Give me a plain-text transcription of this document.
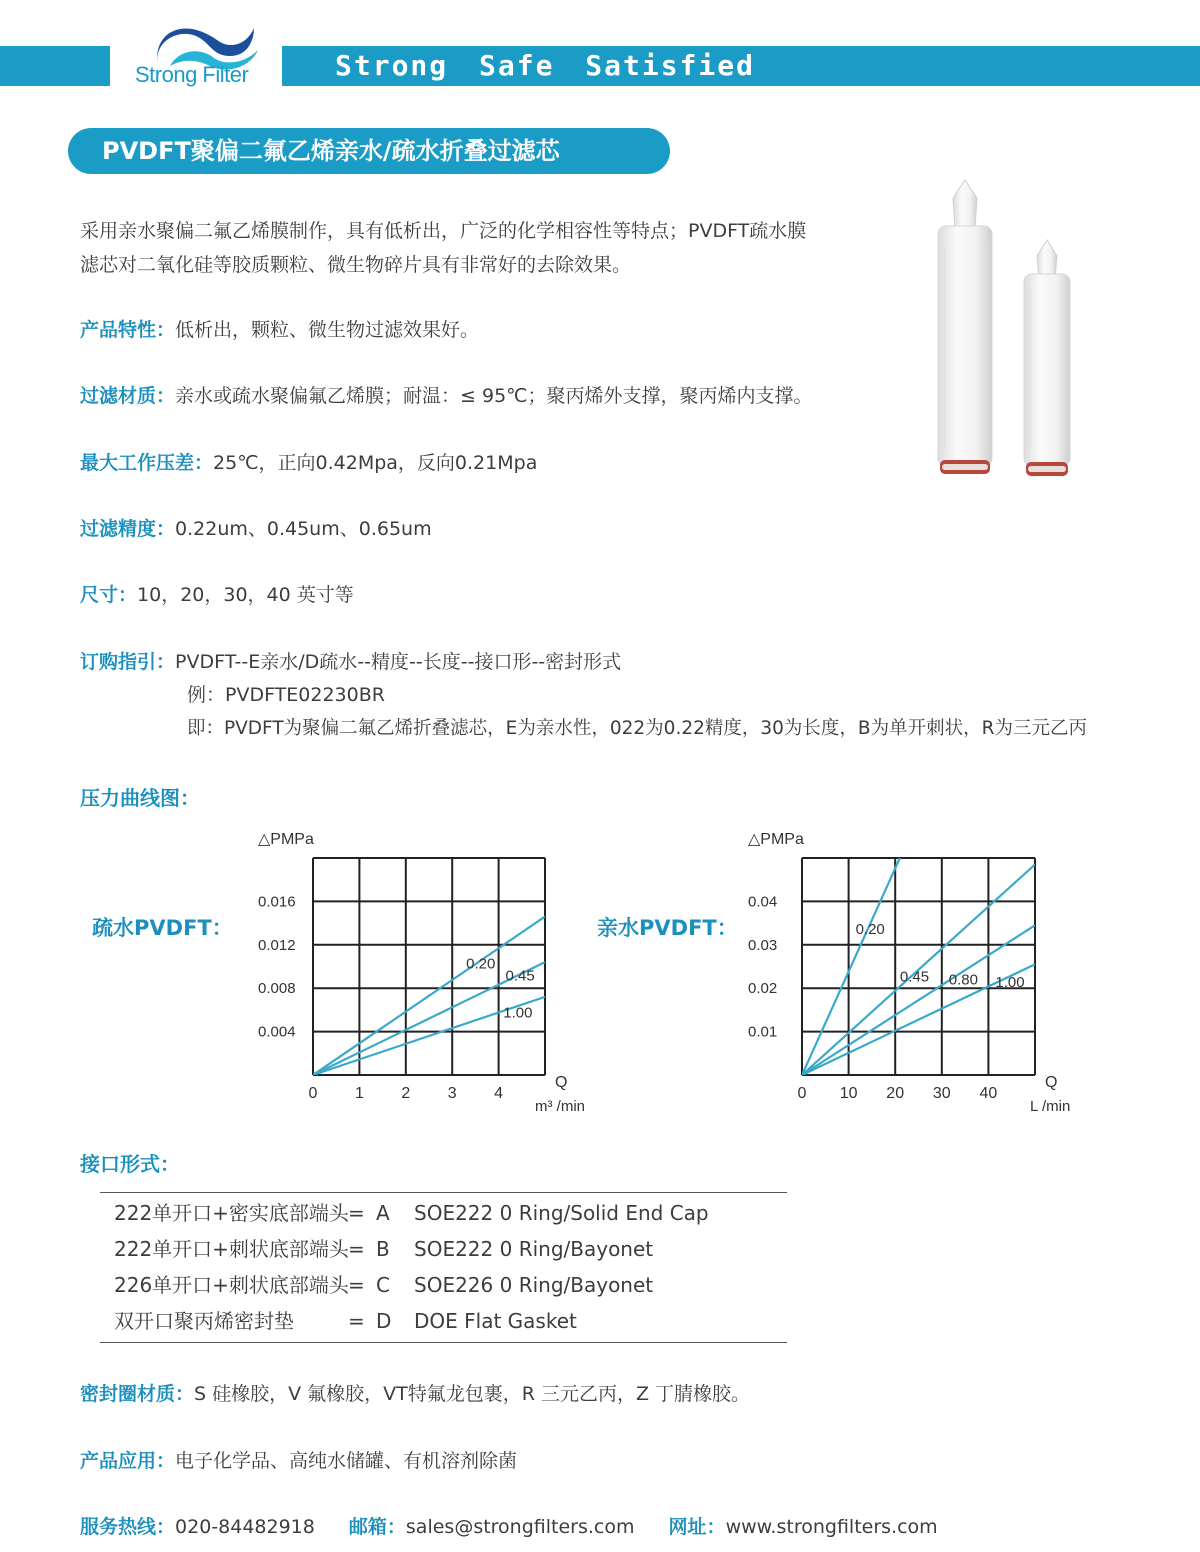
Strong Safe Satisfied
Strong Filter
PVDFT聚偏二氟乙烯亲水/疏水折叠过滤芯
采用亲水聚偏二氟乙烯膜制作，具有低析出，广泛的化学相容性等特点；PVDFT疏水膜
滤芯对二氧化硅等胶质颗粒、微生物碎片具有非常好的去除效果。
产品特性：低析出，颗粒、微生物过滤效果好。
过滤材质：亲水或疏水聚偏氟乙烯膜；耐温：≤ 95℃；聚丙烯外支撑，聚丙烯内支撑。
最大工作压差：25℃，正向0.42Mpa，反向0.21Mpa
过滤精度：0.22um、0.45um、0.65um
尺寸：10，20，30，40 英寸等
订购指引：PVDFT--E亲水/D疏水--精度--长度--接口形--密封形式
例：PVDFTE02230BR
即：PVDFT为聚偏二氟乙烯折叠滤芯，E为亲水性，022为0.22精度，30为长度，B为单开刺状，R为三元乙丙
压力曲线图：
疏水PVDFT：	亲水PVDFT：
0.004
0.008
0.012
0.016
0 1 2 3 4
△PMPa
Q
m³ /min
0.20
0.45
1.00
0.01
0.02
0.03
0.04
0 10 20 30 40
△PMPa
Q
L /min
0.20
0.45 0.80 1.00
接口形式：
222单开口+密实底部端头= A SOE222 0 Ring/Solid End Cap
222单开口+刺状底部端头= B SOE222 0 Ring/Bayonet
226单开口+刺状底部端头= C SOE226 0 Ring/Bayonet
双开口聚丙烯密封垫	= D DOE Flat Gasket
密封圈材质：S 硅橡胶，V 氟橡胶，VT特氟龙包裹，R 三元乙丙，Z 丁腈橡胶。
产品应用：电子化学品、高纯水储罐、有机溶剂除菌
服务热线：020-84482918 邮箱：sales@strongfilters.com 网址：www.strongfilters.com
